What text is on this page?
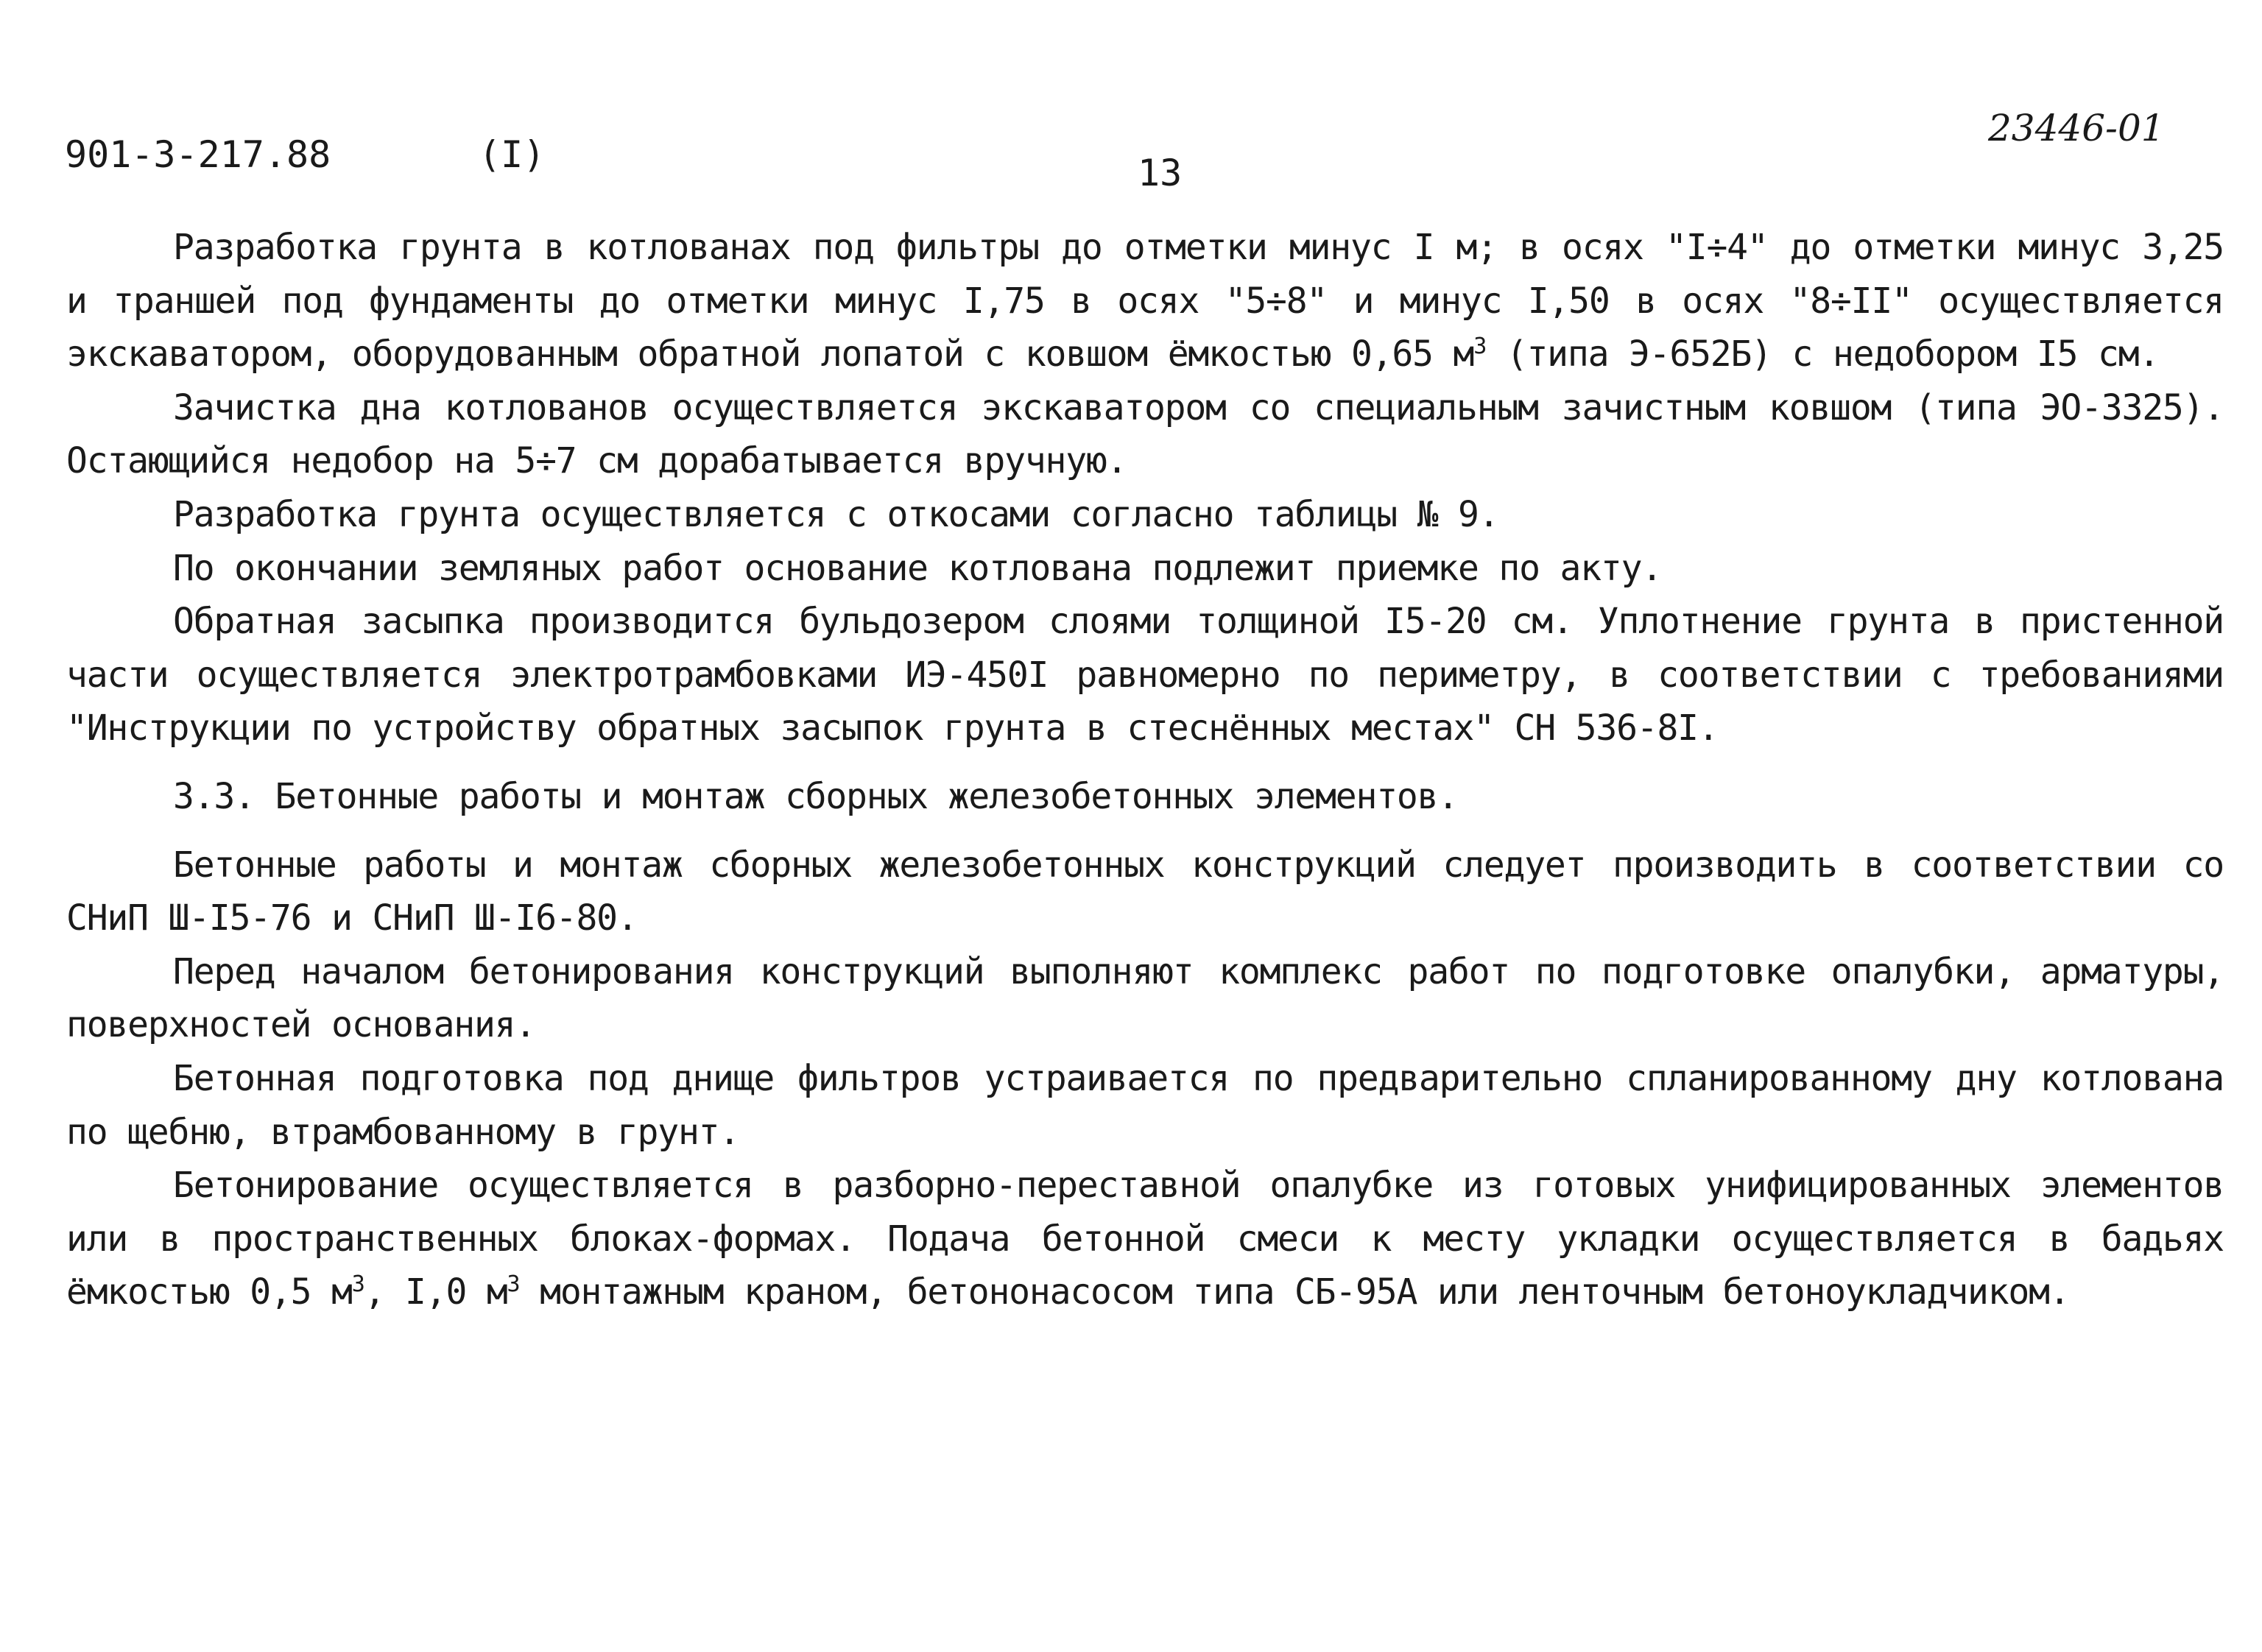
901-3-217.88	(I)	13
23446-01

Разработка грунта в котлованах под фильтры до отметки минус I м; в осях "I÷4" до отметки минус 3,25 и траншей под фундаменты до отметки минус I,75 в осях "5÷8" и минус I,50 в осях "8÷II" осуществляется экскаватором, оборудованным обратной лопатой с ковшом ёмкостью 0,65 $м^3$ (типа Э-652Б) с недобором I5 см.

Зачистка дна котлованов осуществляется экскаватором со специальным зачистным ковшом (типа ЭО-3325). Остающийся недобор на 5÷7 см дорабатывается вручную.

Разработка грунта осуществляется с откосами согласно таблицы № 9.

По окончании земляных работ основание котлована подлежит приемке по акту.

Обратная засыпка производится бульдозером слоями толщиной I5-20 см. Уплотнение грунта в пристенной части осуществляется электротрамбовками ИЭ-450I равномерно по периметру, в соответствии с требованиями "Инструкции по устройству обратных засыпок грунта в стеснённых местах" СН 536-8I.

3.3. Бетонные работы и монтаж сборных железобетонных элементов.

Бетонные работы и монтаж сборных железобетонных конструкций следует производить в соответствии со СНиП Ш-I5-76 и СНиП Ш-I6-80.

Перед началом бетонирования конструкций выполняют комплекс работ по подготовке опалубки, арматуры, поверхностей основания.

Бетонная подготовка под днище фильтров устраивается по предварительно спланированному дну котлована по щебню, втрамбованному в грунт.

Бетонирование осуществляется в разборно-переставной опалубке из готовых унифицированных элементов или в пространственных блоках-формах. Подача бетонной смеси к месту укладки осуществляется в бадьях ёмкостью 0,5 $м^3$, I,0 $м^3$ монтажным краном, бетононасосом типа СБ-95А или ленточным бетоноукладчиком.
